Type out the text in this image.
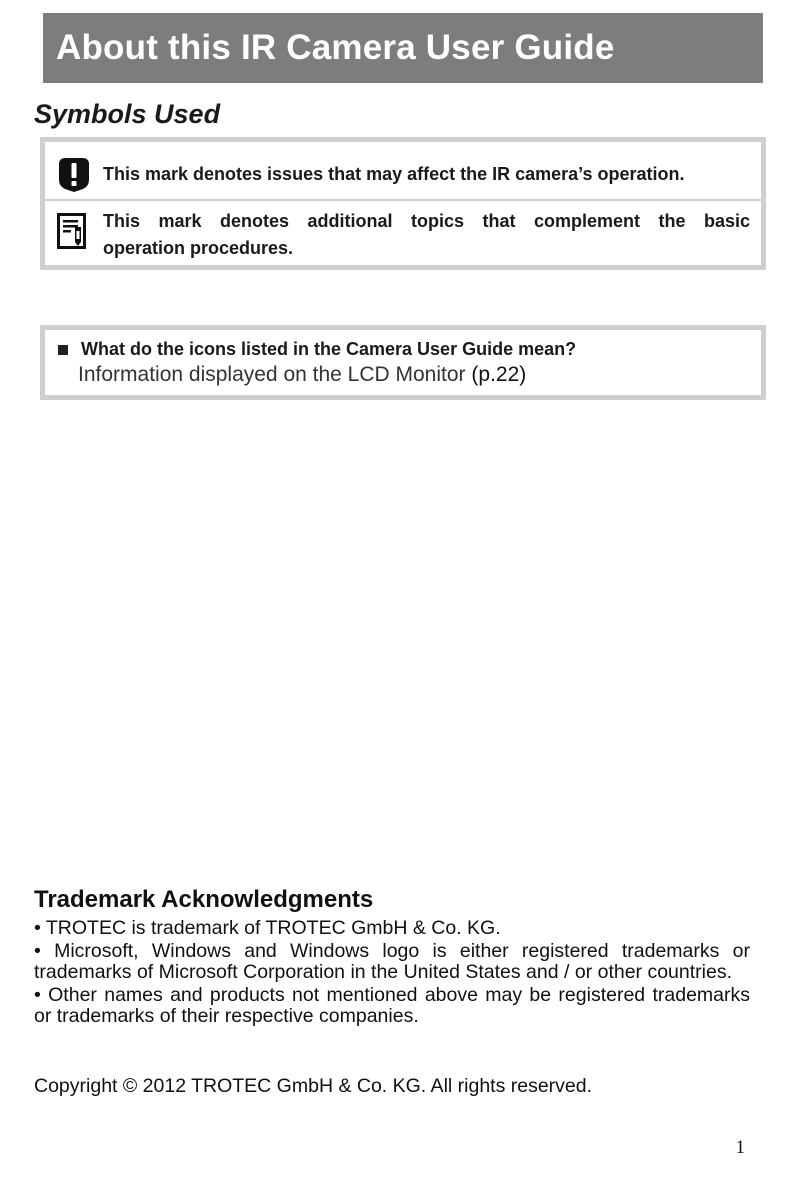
About this IR Camera User Guide
Symbols Used
This mark denotes issues that may affect the IR camera’s operation.
This mark denotes additional topics that complement the basic
operation procedures.
What do the icons listed in the Camera User Guide mean?
Information displayed on the LCD Monitor (p.22)
Trademark Acknowledgments

• TROTEC is trademark of TROTEC GmbH & Co. KG.

• Microsoft, Windows and Windows logo is either registered trademarks or trademarks of Microsoft Corporation in the United States and / or other countries.

• Other names and products not mentioned above may be registered trademarks or trademarks of their respective companies.

Copyright © 2012 TROTEC GmbH & Co. KG. All rights reserved.

1
